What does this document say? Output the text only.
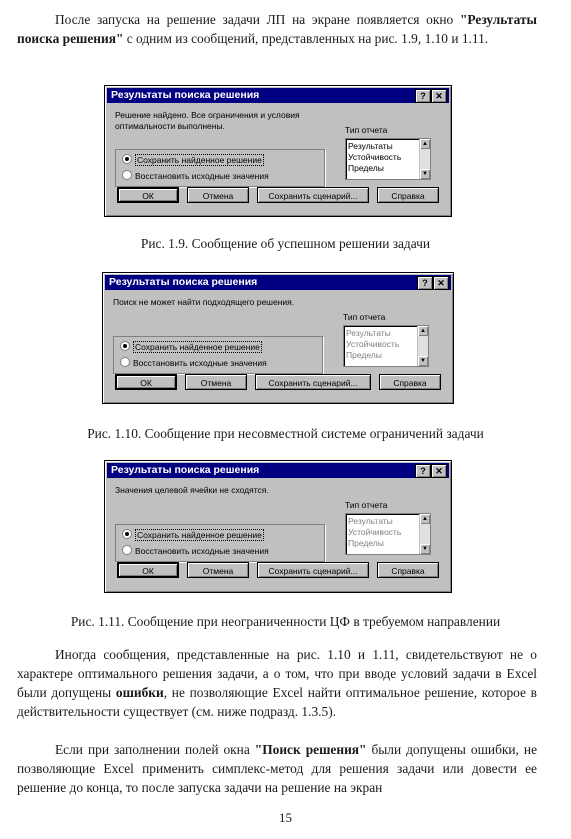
После запуска на решение задачи ЛП на экране появляется окно "Результаты поиска решения" с одним из сообщений, представленных на рис. 1.9, 1.10 и 1.11.

Результаты поиска решения	?	✕
Решение найдено. Все ограничения и условия оптимальности выполнены.
Сохранить найденное решение
Восстановить исходные значения
Тип отчета
Результаты
Устойчивость
Пределы
▲
▼
ОК	Отмена	Сохранить сценарий...	Справка

Рис. 1.9. Сообщение об успешном решении задачи

Результаты поиска решения	?	✕
Поиск не может найти подходящего решения.
Сохранить найденное решение
Восстановить исходные значения
Тип отчета
Результаты
Устойчивость
Пределы
▲
▼
ОК	Отмена	Сохранить сценарий...	Справка

Рис. 1.10. Сообщение при несовместной системе ограничений задачи

Результаты поиска решения	?	✕
Значения целевой ячейки не сходятся.
Сохранить найденное решение
Восстановить исходные значения
Тип отчета
Результаты
Устойчивость
Пределы
▲
▼
ОК	Отмена	Сохранить сценарий...	Справка

Рис. 1.11. Сообщение при неограниченности ЦФ в требуемом направлении

Иногда сообщения, представленные на рис. 1.10 и 1.11, свидетельствуют не о характере оптимального решения задачи, а о том, что при вводе условий задачи в Excel были допущены ошибки, не позволяющие Excel найти оптимальное решение, которое в действительности существует (см. ниже подразд. 1.3.5).

Если при заполнении полей окна "Поиск решения" были допущены ошибки, не позволяющие Excel применить симплекс-метод для решения задачи или довести ее решение до конца, то после запуска задачи на решение на экран

15
